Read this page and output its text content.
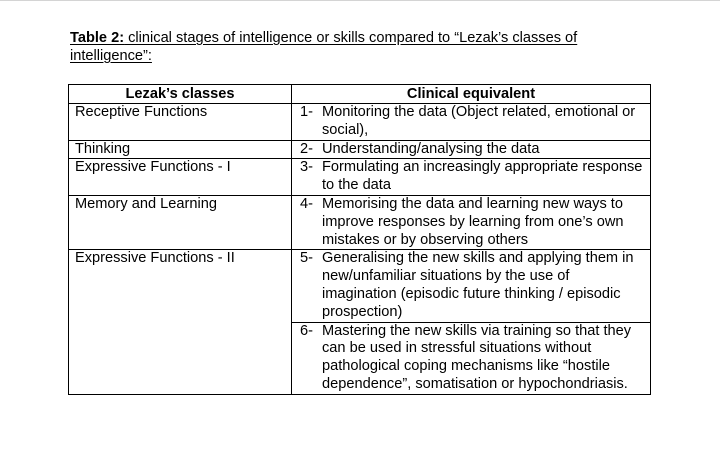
Table 2: clinical stages of intelligence or skills compared to “Lezak’s classes of intelligence”:
Lezak’s classes	Clinical equivalent
Receptive Functions	1- Monitoring the data (Object related, emotional or social),

Thinking	2- Understanding/analysing the data

Expressive Functions - I	3- Formulating an increasingly appropriate response to the data

Memory and Learning	4- Memorising the data and learning new ways to improve responses by learning from one’s own mistakes or by observing others

Expressive Functions - II	5- Generalising the new skills and applying them in new/unfamiliar situations by the use of imagination (episodic future thinking / episodic prospection)

	6- Mastering the new skills via training so that they can be used in stressful situations without pathological coping mechanisms like “hostile dependence”, somatisation or hypochondriasis.
